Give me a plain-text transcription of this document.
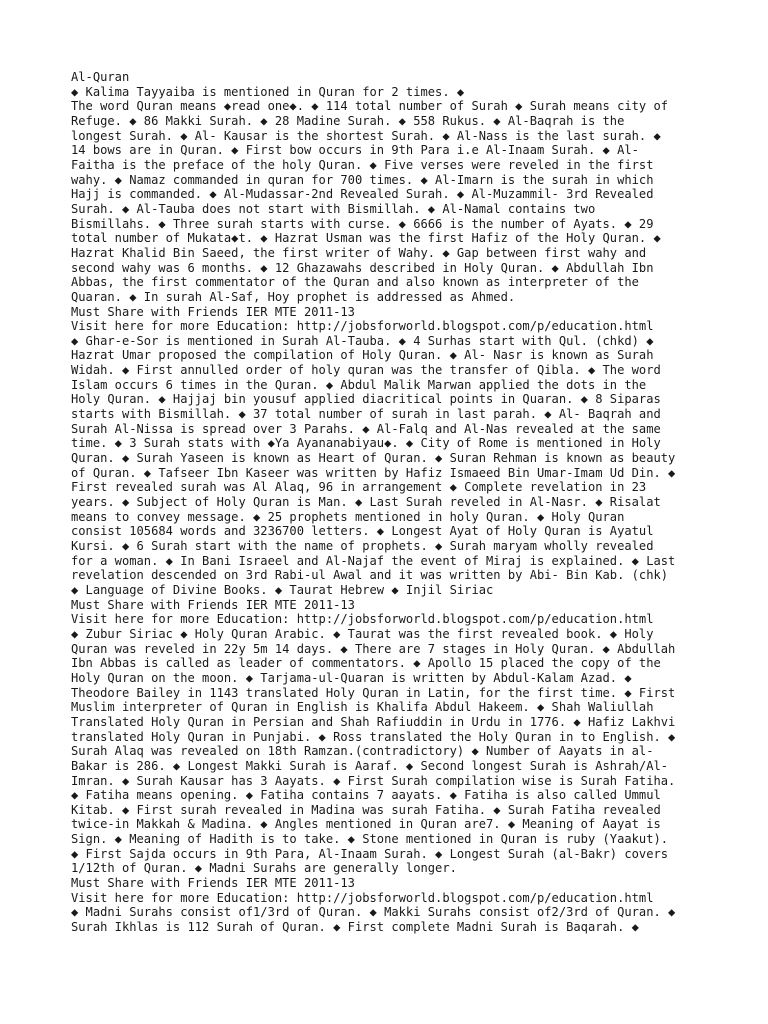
Al-Quran
◆ Kalima Tayyaiba is mentioned in Quran for 2 times. ◆
The word Quran means ◆read one◆. ◆ 114 total number of Surah ◆ Surah means city of
Refuge. ◆ 86 Makki Surah. ◆ 28 Madine Surah. ◆ 558 Rukus. ◆ Al-Baqrah is the
longest Surah. ◆ Al- Kausar is the shortest Surah. ◆ Al-Nass is the last surah. ◆
14 bows are in Quran. ◆ First bow occurs in 9th Para i.e Al-Inaam Surah. ◆ Al-
Faitha is the preface of the holy Quran. ◆ Five verses were reveled in the first
wahy. ◆ Namaz commanded in quran for 700 times. ◆ Al-Imarn is the surah in which
Hajj is commanded. ◆ Al-Mudassar-2nd Revealed Surah. ◆ Al-Muzammil- 3rd Revealed
Surah. ◆ Al-Tauba does not start with Bismillah. ◆ Al-Namal contains two
Bismillahs. ◆ Three surah starts with curse. ◆ 6666 is the number of Ayats. ◆ 29
total number of Mukata◆t. ◆ Hazrat Usman was the first Hafiz of the Holy Quran. ◆
Hazrat Khalid Bin Saeed, the first writer of Wahy. ◆ Gap between first wahy and
second wahy was 6 months. ◆ 12 Ghazawahs described in Holy Quran. ◆ Abdullah Ibn
Abbas, the first commentator of the Quran and also known as interpreter of the
Quaran. ◆ In surah Al-Saf, Hoy prophet is addressed as Ahmed.
Must Share with Friends IER MTE 2011-13
Visit here for more Education: http://jobsforworld.blogspot.com/p/education.html
◆ Ghar-e-Sor is mentioned in Surah Al-Tauba. ◆ 4 Surhas start with Qul. (chkd) ◆
Hazrat Umar proposed the compilation of Holy Quran. ◆ Al- Nasr is known as Surah
Widah. ◆ First annulled order of holy quran was the transfer of Qibla. ◆ The word
Islam occurs 6 times in the Quran. ◆ Abdul Malik Marwan applied the dots in the
Holy Quran. ◆ Hajjaj bin yousuf applied diacritical points in Quaran. ◆ 8 Siparas
starts with Bismillah. ◆ 37 total number of surah in last parah. ◆ Al- Baqrah and
Surah Al-Nissa is spread over 3 Parahs. ◆ Al-Falq and Al-Nas revealed at the same
time. ◆ 3 Surah stats with ◆Ya Ayananabiyau◆. ◆ City of Rome is mentioned in Holy
Quran. ◆ Surah Yaseen is known as Heart of Quran. ◆ Suran Rehman is known as beauty
of Quran. ◆ Tafseer Ibn Kaseer was written by Hafiz Ismaeed Bin Umar-Imam Ud Din. ◆
First revealed surah was Al Alaq, 96 in arrangement ◆ Complete revelation in 23
years. ◆ Subject of Holy Quran is Man. ◆ Last Surah reveled in Al-Nasr. ◆ Risalat
means to convey message. ◆ 25 prophets mentioned in holy Quran. ◆ Holy Quran
consist 105684 words and 3236700 letters. ◆ Longest Ayat of Holy Quran is Ayatul
Kursi. ◆ 6 Surah start with the name of prophets. ◆ Surah maryam wholly revealed
for a woman. ◆ In Bani Israeel and Al-Najaf the event of Miraj is explained. ◆ Last
revelation descended on 3rd Rabi-ul Awal and it was written by Abi- Bin Kab. (chk)
◆ Language of Divine Books. ◆ Taurat Hebrew ◆ Injil Siriac
Must Share with Friends IER MTE 2011-13
Visit here for more Education: http://jobsforworld.blogspot.com/p/education.html
◆ Zubur Siriac ◆ Holy Quran Arabic. ◆ Taurat was the first revealed book. ◆ Holy
Quran was reveled in 22y 5m 14 days. ◆ There are 7 stages in Holy Quran. ◆ Abdullah
Ibn Abbas is called as leader of commentators. ◆ Apollo 15 placed the copy of the
Holy Quran on the moon. ◆ Tarjama-ul-Quaran is written by Abdul-Kalam Azad. ◆
Theodore Bailey in 1143 translated Holy Quran in Latin, for the first time. ◆ First
Muslim interpreter of Quran in English is Khalifa Abdul Hakeem. ◆ Shah Waliullah
Translated Holy Quran in Persian and Shah Rafiuddin in Urdu in 1776. ◆ Hafiz Lakhvi
translated Holy Quran in Punjabi. ◆ Ross translated the Holy Quran in to English. ◆
Surah Alaq was revealed on 18th Ramzan.(contradictory) ◆ Number of Aayats in al-
Bakar is 286. ◆ Longest Makki Surah is Aaraf. ◆ Second longest Surah is Ashrah/Al-
Imran. ◆ Surah Kausar has 3 Aayats. ◆ First Surah compilation wise is Surah Fatiha.
◆ Fatiha means opening. ◆ Fatiha contains 7 aayats. ◆ Fatiha is also called Ummul
Kitab. ◆ First surah revealed in Madina was surah Fatiha. ◆ Surah Fatiha revealed
twice-in Makkah & Madina. ◆ Angles mentioned in Quran are7. ◆ Meaning of Aayat is
Sign. ◆ Meaning of Hadith is to take. ◆ Stone mentioned in Quran is ruby (Yaakut).
◆ First Sajda occurs in 9th Para, Al-Inaam Surah. ◆ Longest Surah (al-Bakr) covers
1/12th of Quran. ◆ Madni Surahs are generally longer.
Must Share with Friends IER MTE 2011-13
Visit here for more Education: http://jobsforworld.blogspot.com/p/education.html
◆ Madni Surahs consist of1/3rd of Quran. ◆ Makki Surahs consist of2/3rd of Quran. ◆
Surah Ikhlas is 112 Surah of Quran. ◆ First complete Madni Surah is Baqarah. ◆
